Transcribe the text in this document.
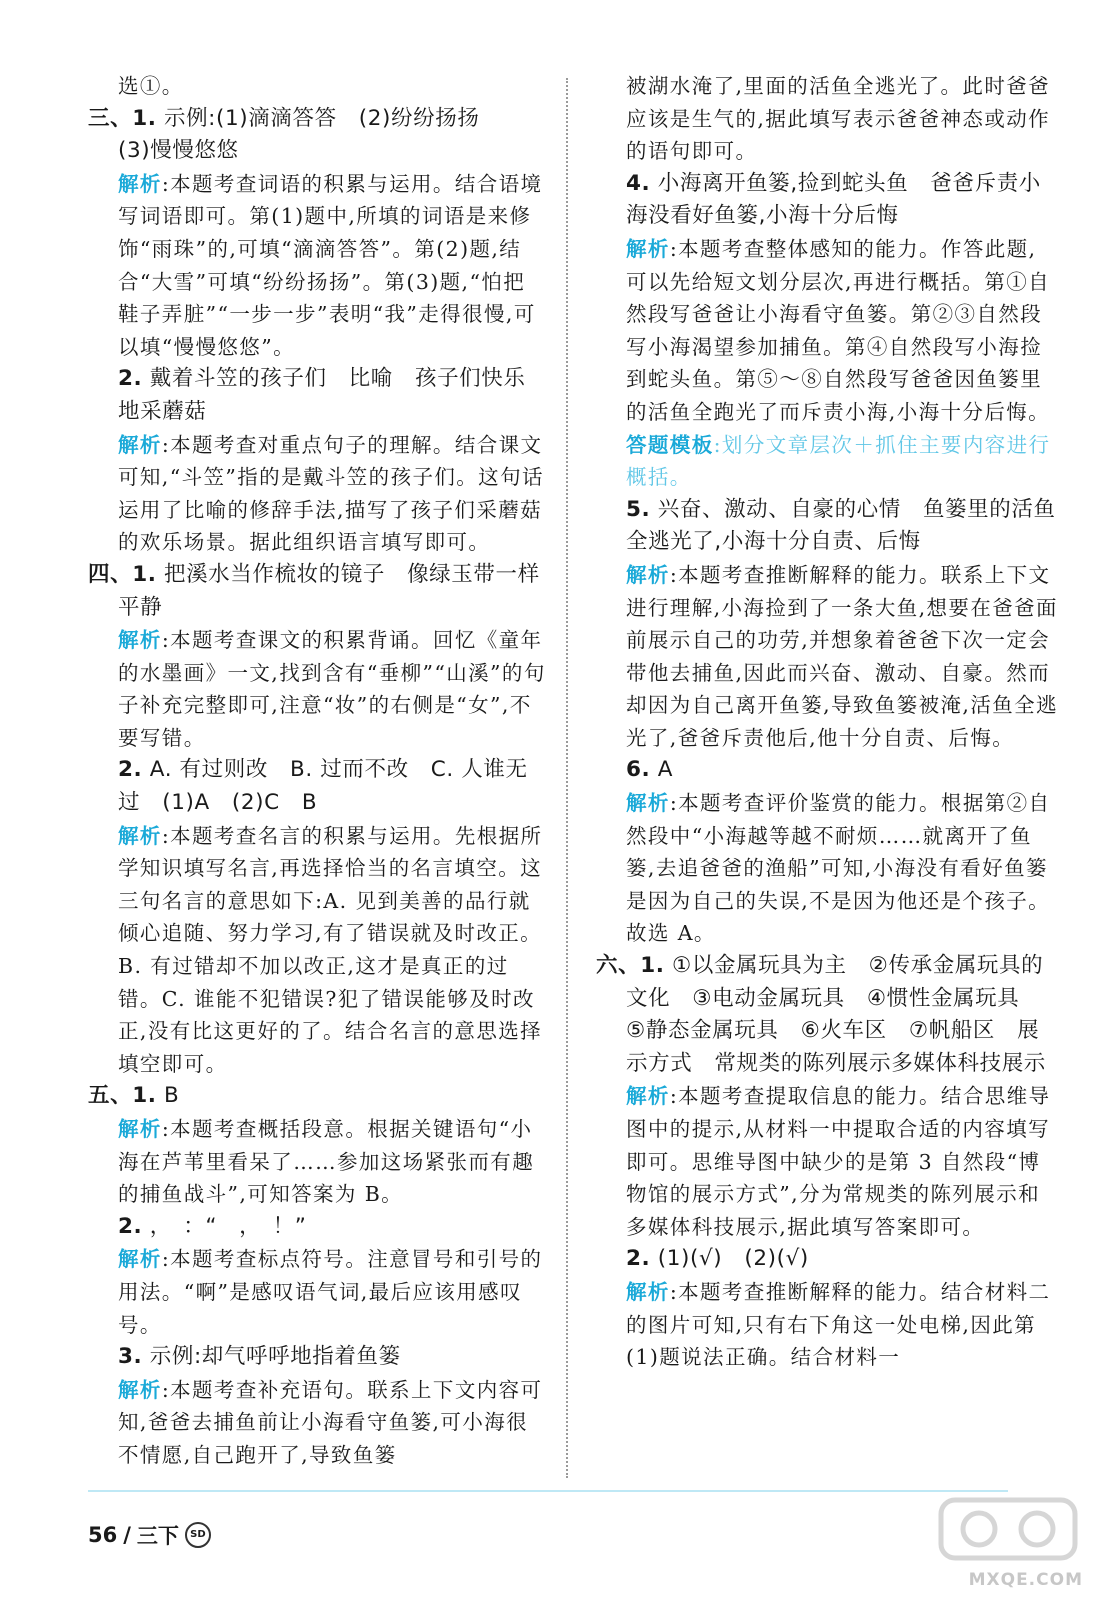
选①。

三、1. 示例:(1)滴滴答答　(2)纷纷扬扬

(3)慢慢悠悠

解析:本题考查词语的积累与运用。结合语境写词语即可。第(1)题中,所填的词语是来修饰“雨珠”的,可填“滴滴答答”。第(2)题,结合“大雪”可填“纷纷扬扬”。第(3)题,“怕把鞋子弄脏”“一步一步”表明“我”走得很慢,可以填“慢慢悠悠”。

2. 戴着斗笠的孩子们　比喻　孩子们快乐地采蘑菇

解析:本题考查对重点句子的理解。结合课文可知,“斗笠”指的是戴斗笠的孩子们。这句话运用了比喻的修辞手法,描写了孩子们采蘑菇的欢乐场景。据此组织语言填写即可。

四、1. 把溪水当作梳妆的镜子　像绿玉带一样平静

解析:本题考查课文的积累背诵。回忆《童年的水墨画》一文,找到含有“垂柳”“山溪”的句子补充完整即可,注意“妆”的右侧是“女”,不要写错。

2. A. 有过则改　B. 过而不改　C. 人谁无过　(1)A　(2)C　B

解析:本题考查名言的积累与运用。先根据所学知识填写名言,再选择恰当的名言填空。这三句名言的意思如下:A. 见到美善的品行就倾心追随、努力学习,有了错误就及时改正。B. 有过错却不加以改正,这才是真正的过错。C. 谁能不犯错误?犯了错误能够及时改正,没有比这更好的了。结合名言的意思选择填空即可。

五、1. B

解析:本题考查概括段意。根据关键语句“小海在芦苇里看呆了……参加这场紧张而有趣的捕鱼战斗”,可知答案为 B。

2. ，　：“　，　！”

解析:本题考查标点符号。注意冒号和引号的用法。“啊”是感叹语气词,最后应该用感叹号。

3. 示例:却气呼呼地指着鱼篓

解析:本题考查补充语句。联系上下文内容可知,爸爸去捕鱼前让小海看守鱼篓,可小海很不情愿,自己跑开了,导致鱼篓

被湖水淹了,里面的活鱼全逃光了。此时爸爸应该是生气的,据此填写表示爸爸神态或动作的语句即可。

4. 小海离开鱼篓,捡到蛇头鱼　爸爸斥责小海没看好鱼篓,小海十分后悔

解析:本题考查整体感知的能力。作答此题,可以先给短文划分层次,再进行概括。第①自然段写爸爸让小海看守鱼篓。第②③自然段写小海渴望参加捕鱼。第④自然段写小海捡到蛇头鱼。第⑤～⑧自然段写爸爸因鱼篓里的活鱼全跑光了而斥责小海,小海十分后悔。

答题模板:划分文章层次＋抓住主要内容进行概括。

5. 兴奋、激动、自豪的心情　鱼篓里的活鱼全逃光了,小海十分自责、后悔

解析:本题考查推断解释的能力。联系上下文进行理解,小海捡到了一条大鱼,想要在爸爸面前展示自己的功劳,并想象着爸爸下次一定会带他去捕鱼,因此而兴奋、激动、自豪。然而却因为自己离开鱼篓,导致鱼篓被淹,活鱼全逃光了,爸爸斥责他后,他十分自责、后悔。

6. A

解析:本题考查评价鉴赏的能力。根据第②自然段中“小海越等越不耐烦……就离开了鱼篓,去追爸爸的渔船”可知,小海没有看好鱼篓是因为自己的失误,不是因为他还是个孩子。故选 A。

六、1. ①以金属玩具为主　②传承金属玩具的文化　③电动金属玩具　④惯性金属玩具　⑤静态金属玩具　⑥火车区　⑦帆船区　展示方式　常规类的陈列展示多媒体科技展示

解析:本题考查提取信息的能力。结合思维导图中的提示,从材料一中提取合适的内容填写即可。思维导图中缺少的是第 3 自然段“博物馆的展示方式”,分为常规类的陈列展示和多媒体科技展示,据此填写答案即可。

2. (1)(√)　(2)(√)

解析:本题考查推断解释的能力。结合材料二的图片可知,只有右下角这一处电梯,因此第(1)题说法正确。结合材料一

56 / 三下	SD
MXQE.COM
